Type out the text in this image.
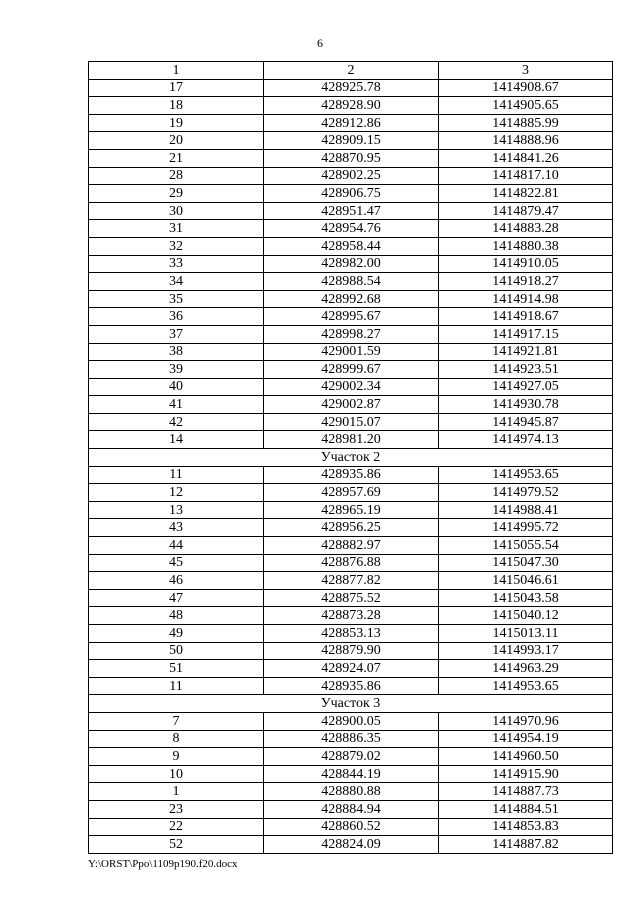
6
1	2	3
17	428925.78	1414908.67
18	428928.90	1414905.65
19	428912.86	1414885.99
20	428909.15	1414888.96
21	428870.95	1414841.26
28	428902.25	1414817.10
29	428906.75	1414822.81
30	428951.47	1414879.47
31	428954.76	1414883.28
32	428958.44	1414880.38
33	428982.00	1414910.05
34	428988.54	1414918.27
35	428992.68	1414914.98
36	428995.67	1414918.67
37	428998.27	1414917.15
38	429001.59	1414921.81
39	428999.67	1414923.51
40	429002.34	1414927.05
41	429002.87	1414930.78
42	429015.07	1414945.87
14	428981.20	1414974.13
Участок 2		
11	428935.86	1414953.65
12	428957.69	1414979.52
13	428965.19	1414988.41
43	428956.25	1414995.72
44	428882.97	1415055.54
45	428876.88	1415047.30
46	428877.82	1415046.61
47	428875.52	1415043.58
48	428873.28	1415040.12
49	428853.13	1415013.11
50	428879.90	1414993.17
51	428924.07	1414963.29
11	428935.86	1414953.65
Участок 3		
7	428900.05	1414970.96
8	428886.35	1414954.19
9	428879.02	1414960.50
10	428844.19	1414915.90
1	428880.88	1414887.73
23	428884.94	1414884.51
22	428860.52	1414853.83
52	428824.09	1414887.82
Y:\ORST\Ppo\1109p190.f20.docx
